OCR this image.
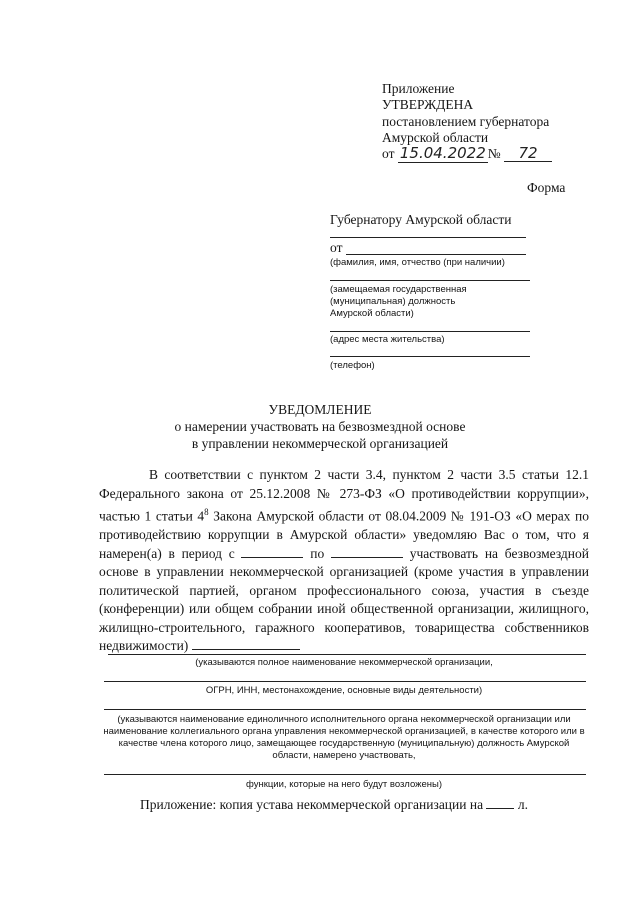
Приложение
УТВЕРЖДЕНА
постановлением губернатора
Амурской области
от 15.04.2022 № 72
Форма
Губернатору Амурской области
от
(фамилия, имя, отчество (при наличии)
(замещаемая государственная
(муниципальная) должность
Амурской области)
(адрес места жительства)
(телефон)
УВЕДОМЛЕНИЕ
о намерении участвовать на безвозмездной основе
в управлении некоммерческой организацией
В соответствии с пунктом 2 части 3.4, пунктом 2 части 3.5 статьи 12.1 Федерального закона от 25.12.2008 № 273-ФЗ «О противодействии коррупции», частью 1 статьи $4^8$ Закона Амурской области от 08.04.2009 № 191-ОЗ «О мерах по противодействию коррупции в Амурской области» уведомляю Вас о том, что я намерен(а) в период с	по	участвовать на безвозмездной основе в управлении некоммерческой организацией (кроме участия в управлении политической партией, органом профессионального союза, участия в съезде (конференции) или общем собрании иной общественной организации, жилищного, жилищно-строительного, гаражного кооперативов, товарищества собственников недвижимости)
(указываются полное наименование некоммерческой организации,
ОГРН, ИНН, местонахождение, основные виды деятельности)
(указываются наименование единоличного исполнительного органа некоммерческой организации или
наименование коллегиального органа управления некоммерческой организацией, в качестве которого или в
качестве члена которого лицо, замещающее государственную (муниципальную) должность Амурской
области, намерено участвовать,
функции, которые на него будут возложены)
Приложение: копия устава некоммерческой организации на	л.
